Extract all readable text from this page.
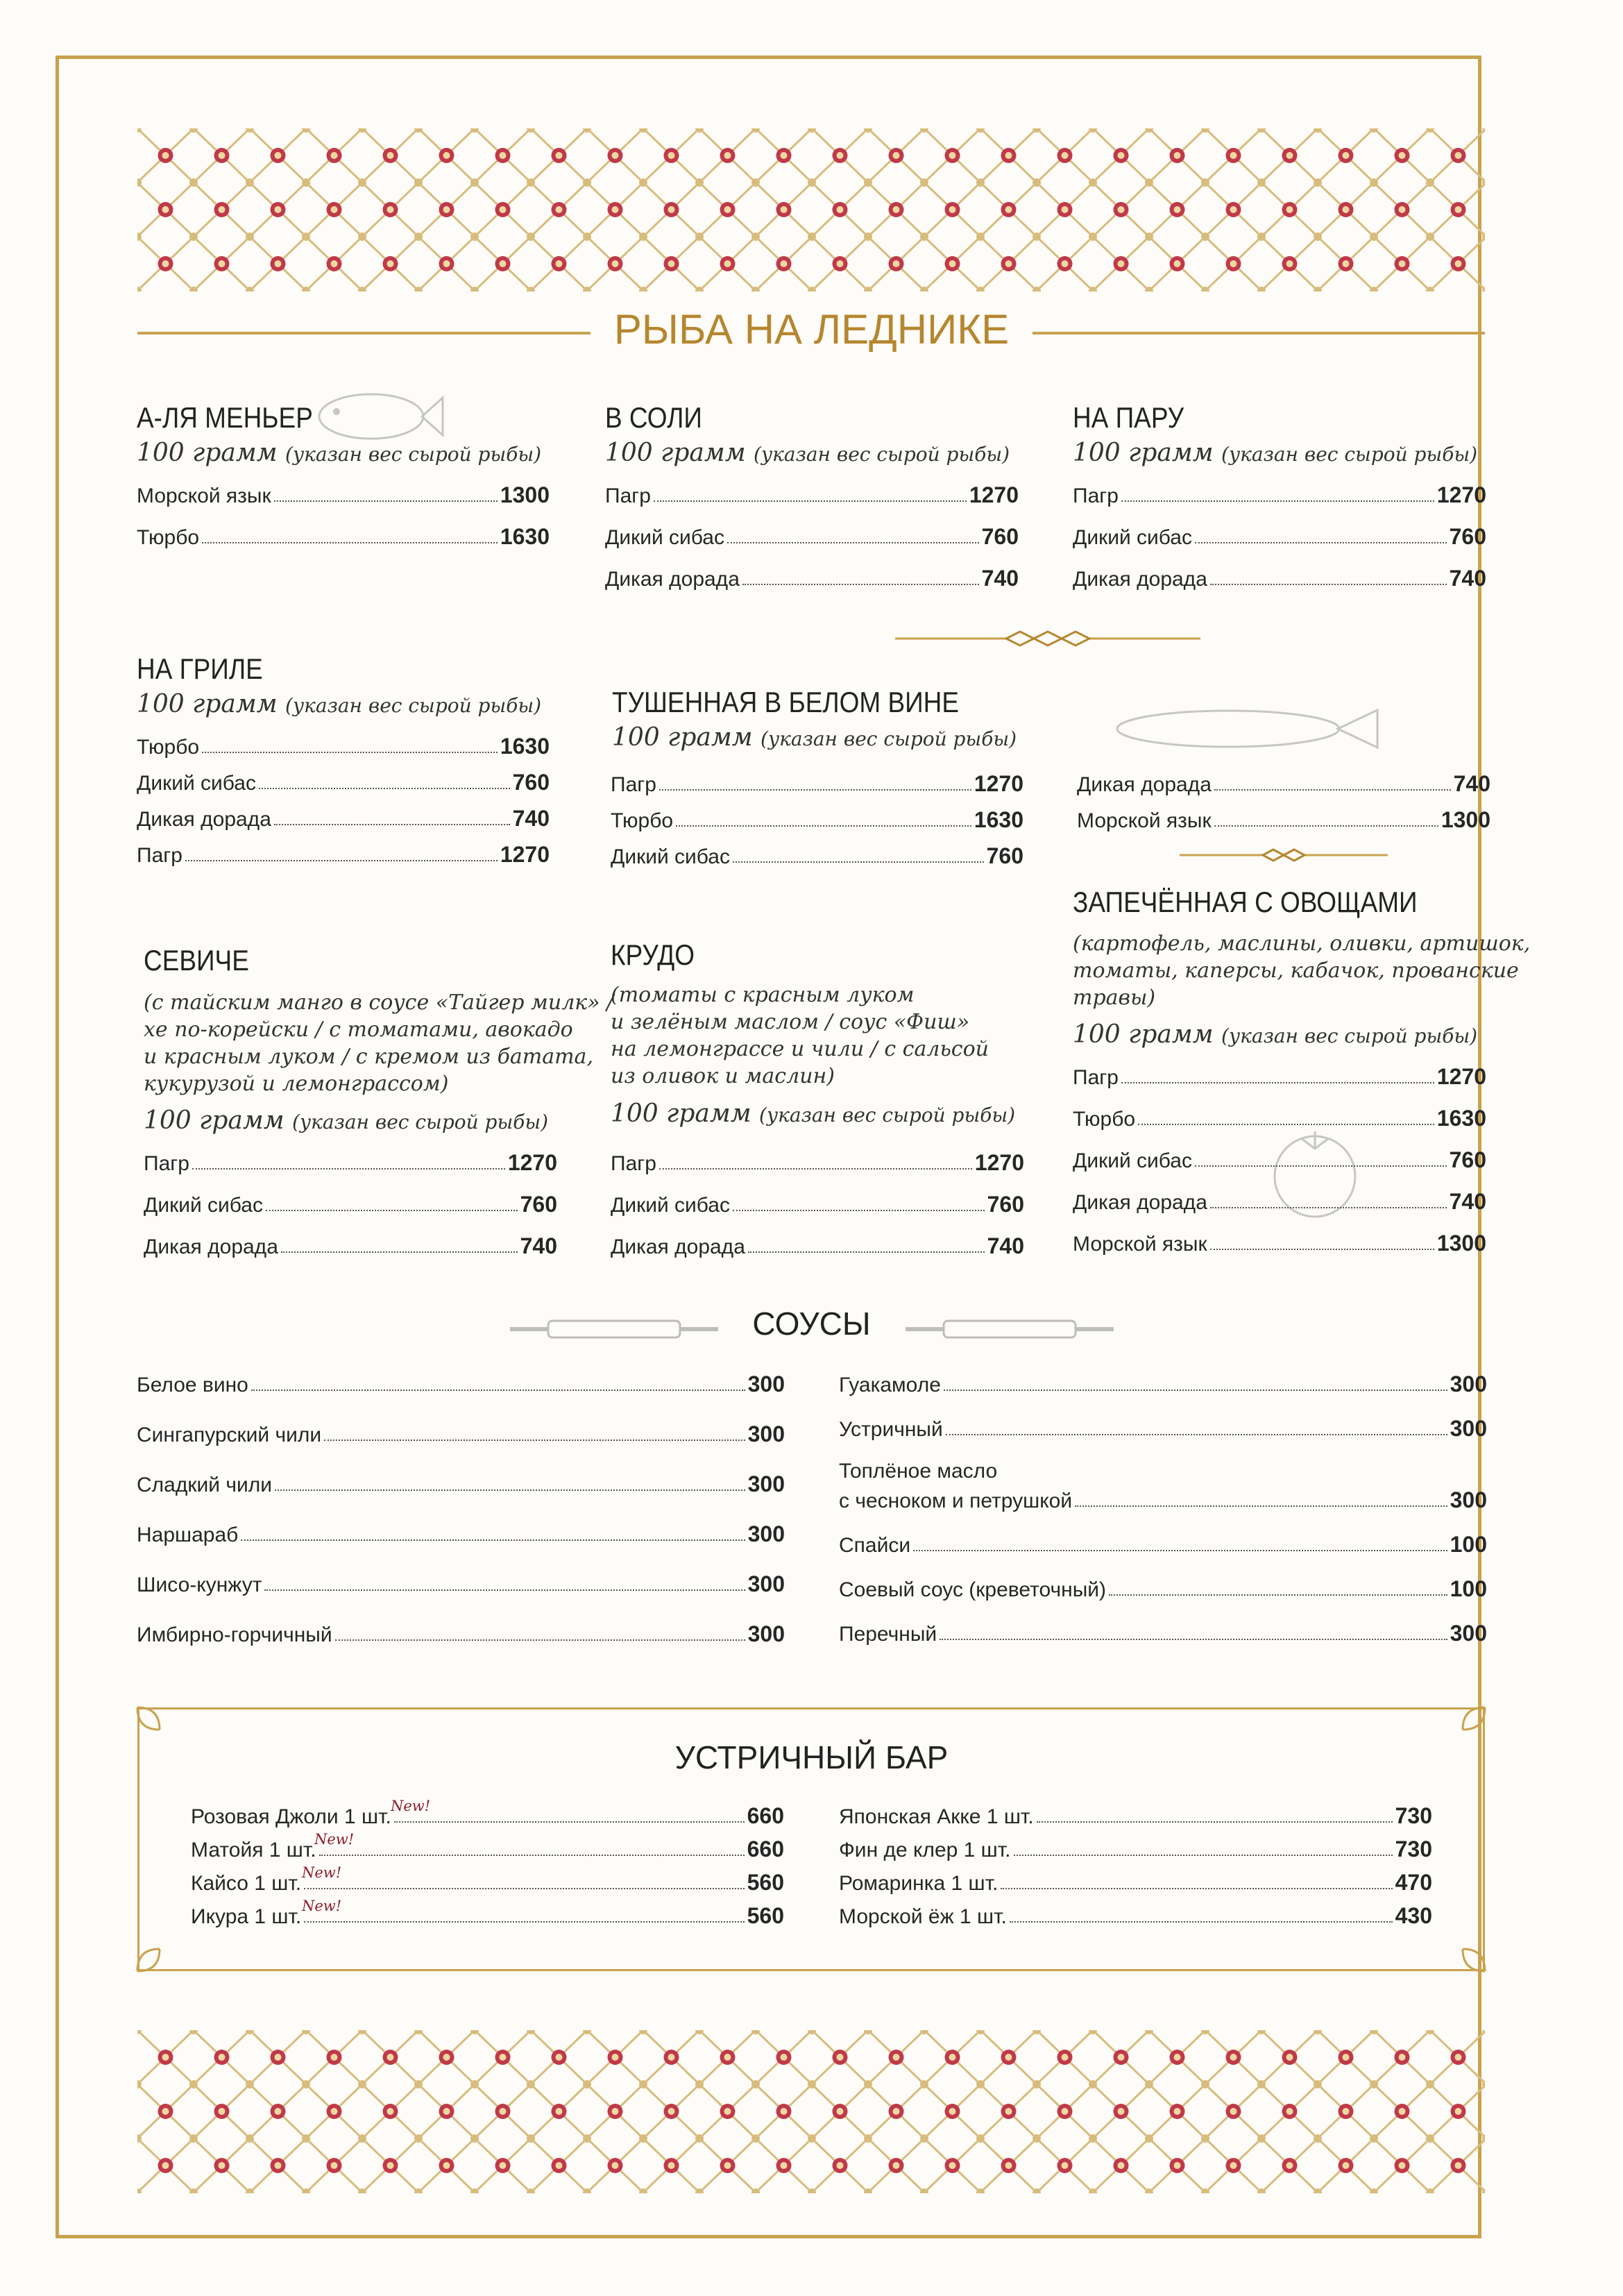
РЫБА НА ЛЕДНИКЕ
А-ЛЯ МЕНЬЕР
100 грамм (указан вес сырой рыбы)
Морской язык	1300
Тюрбо	1630
В СОЛИ
100 грамм (указан вес сырой рыбы)
Пагр	1270
Дикий сибас	760
Дикая дорада	740
НА ПАРУ
100 грамм (указан вес сырой рыбы)
Пагр	1270
Дикий сибас	760
Дикая дорада	740
НА ГРИЛЕ
100 грамм (указан вес сырой рыбы)
Тюрбо	1630
Дикий сибас	760
Дикая дорада	740
Пагр	1270
ТУШЕННАЯ В БЕЛОМ ВИНЕ
100 грамм (указан вес сырой рыбы)
Пагр	1270
Тюрбо	1630
Дикий сибас	760
Дикая дорада	740
Морской язык	1300
ЗАПЕЧЁННАЯ С ОВОЩАМИ
(картофель, маслины, оливки, артишок,
томаты, каперсы, кабачок, прованские
травы)
100 грамм (указан вес сырой рыбы)
Пагр	1270
Тюрбо	1630
Дикий сибас	760
Дикая дорада	740
Морской язык	1300
СЕВИЧЕ
(с тайским манго в соусе «Тайгер милк» /
хе по-корейски / с томатами, авокадо
и красным луком / с кремом из батата,
кукурузой и лемонграссом)
100 грамм (указан вес сырой рыбы)
Пагр	1270
Дикий сибас	760
Дикая дорада	740
КРУДО
(томаты с красным луком
и зелёным маслом / соус «Фиш»
на лемонграссе и чили / с сальсой
из оливок и маслин)
100 грамм (указан вес сырой рыбы)
Пагр	1270
Дикий сибас	760
Дикая дорада	740
СОУСЫ
Белое вино	300
Сингапурский чили	300
Сладкий чили	300
Наршараб	300
Шисо-кунжут	300
Имбирно-горчичный	300
Гуакамоле	300
Устричный	300
Топлёное масло
с чесноком и петрушкой	300
Спайси	100
Соевый соус (креветочный)	100
Перечный	300
УСТРИЧНЫЙ БАР
Розовая Джоли 1 шт.	660
New!
Матойя 1 шт.	660
New!
Кайсо 1 шт.	560
New!
Икура 1 шт.	560
New!
Японская Акке 1 шт.	730
Фин де клер 1 шт.	730
Ромаринка 1 шт.	470
Морской ёж 1 шт.	430
